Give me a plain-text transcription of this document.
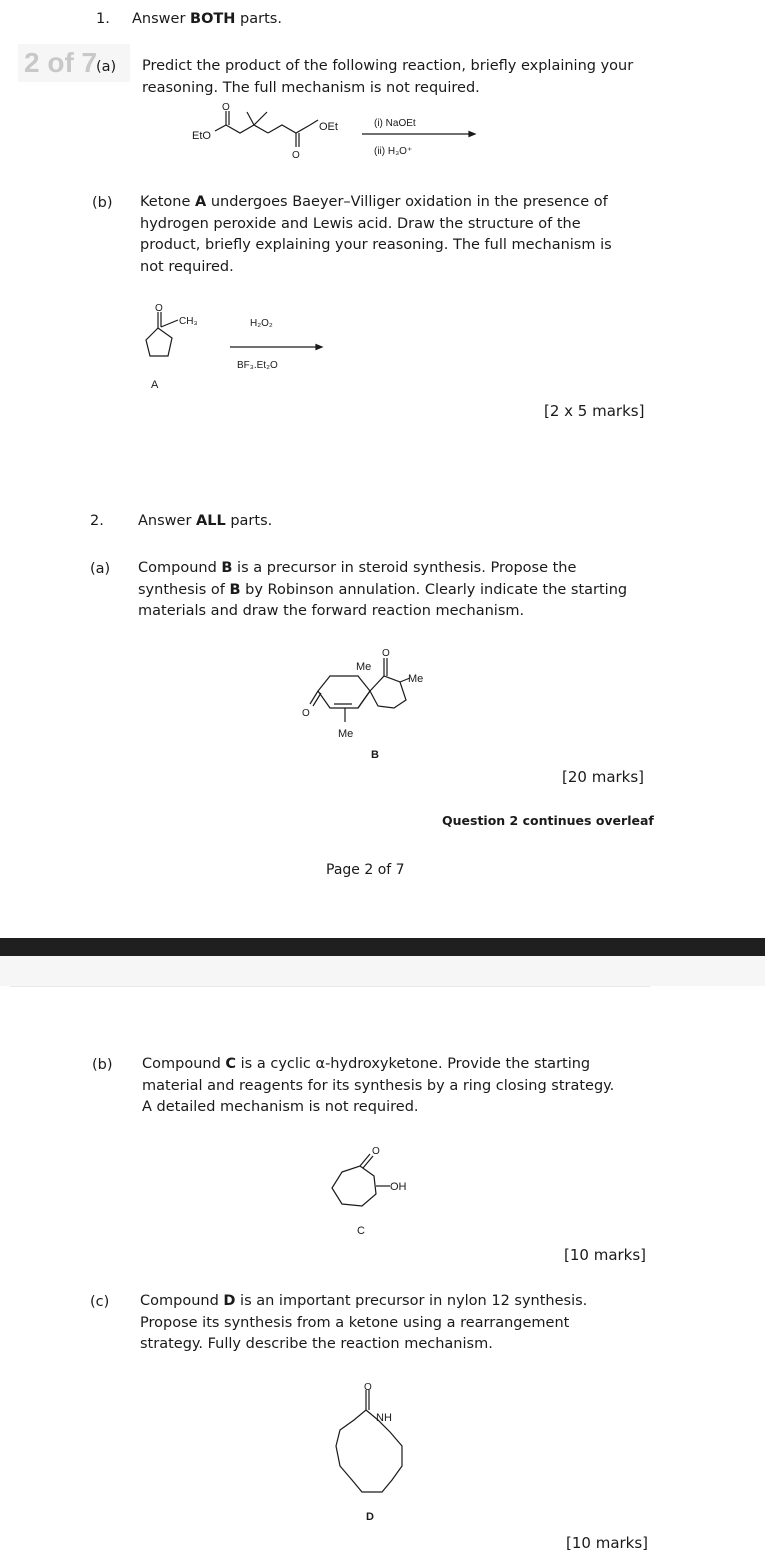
2 of 7
1. Answer BOTH parts.
(a) Predict the product of the following reaction, briefly explaining your
reasoning. The full mechanism is not required.
EtO
O
O
OEt	(i) NaOEt
(ii) H₃O⁺
(b) Ketone A undergoes Baeyer–Villiger oxidation in the presence of
hydrogen peroxide and Lewis acid. Draw the structure of the
product, briefly explaining your reasoning. The full mechanism is
not required.
O
CH₃	H₂O₂
BF₃.Et₂O
A
[2 x 5 marks]
2. Answer ALL parts.
(a) Compound B is a precursor in steroid synthesis. Propose the
synthesis of B by Robinson annulation. Clearly indicate the starting
materials and draw the forward reaction mechanism.
O
Me
O
Me
Me
B
[20 marks]
Question 2 continues overleaf
Page 2 of 7
(b) Compound C is a cyclic α-hydroxyketone. Provide the starting
material and reagents for its synthesis by a ring closing strategy.
A detailed mechanism is not required.
O
OH
C
[10 marks]
(c) Compound D is an important precursor in nylon 12 synthesis.
Propose its synthesis from a ketone using a rearrangement
strategy. Fully describe the reaction mechanism.
O
NH
D
[10 marks]
